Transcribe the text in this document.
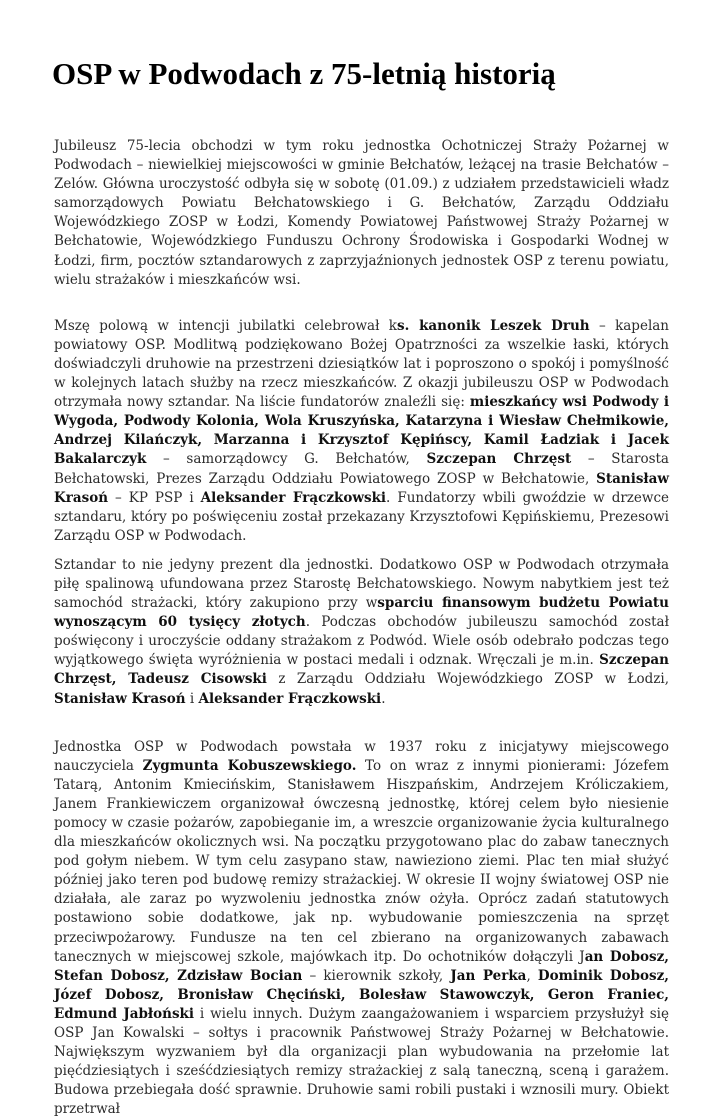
OSP w Podwodach z 75-letnią historią

Jubileusz 75-lecia obchodzi w tym roku jednostka Ochotniczej Straży Pożarnej w Podwodach – niewielkiej miejscowości w gminie Bełchatów, leżącej na trasie Bełchatów – Zelów. Główna uroczystość odbyła się w sobotę (01.09.) z udziałem przedstawicieli władz samorządowych Powiatu Bełchatowskiego i G. Bełchatów, Zarządu Oddziału Wojewódzkiego ZOSP w Łodzi, Komendy Powiatowej Państwowej Straży Pożarnej w Bełchatowie, Wojewódzkiego Funduszu Ochrony Środowiska i Gospodarki Wodnej w Łodzi, firm, pocztów sztandarowych z zaprzyjaźnionych jednostek OSP z terenu powiatu, wielu strażaków i mieszkańców wsi.

Mszę polową w intencji jubilatki celebrował ks. kanonik Leszek Druh – kapelan powiatowy OSP. Modlitwą podziękowano Bożej Opatrzności za wszelkie łaski, których doświadczyli druhowie na przestrzeni dziesiątków lat i poproszono o spokój i pomyślność w kolejnych latach służby na rzecz mieszkańców. Z okazji jubileuszu OSP w Podwodach otrzymała nowy sztandar. Na liście fundatorów znaleźli się: mieszkańcy wsi Podwody i Wygoda, Podwody Kolonia, Wola Kruszyńska, Katarzyna i Wiesław Chełmikowie, Andrzej Kilańczyk, Marzanna i Krzysztof Kępińscy, Kamil Ładziak i Jacek Bakalarczyk – samorządowcy G. Bełchatów, Szczepan Chrzęst – Starosta Bełchatowski, Prezes Zarządu Oddziału Powiatowego ZOSP w Bełchatowie, Stanisław Krasoń – KP PSP i Aleksander Frączkowski. Fundatorzy wbili gwoździe w drzewce sztandaru, który po poświęceniu został przekazany Krzysztofowi Kępińskiemu, Prezesowi Zarządu OSP w Podwodach.

Sztandar to nie jedyny prezent dla jednostki. Dodatkowo OSP w Podwodach otrzymała piłę spalinową ufundowana przez Starostę Bełchatowskiego. Nowym nabytkiem jest też samochód strażacki, który zakupiono przy wsparciu finansowym budżetu Powiatu wynoszącym 60 tysięcy złotych. Podczas obchodów jubileuszu samochód został poświęcony i uroczyście oddany strażakom z Podwód. Wiele osób odebrało podczas tego wyjątkowego święta wyróżnienia w postaci medali i odznak. Wręczali je m.in. Szczepan Chrzęst, Tadeusz Cisowski z Zarządu Oddziału Wojewódzkiego ZOSP w Łodzi, Stanisław Krasoń i Aleksander Frączkowski.

Jednostka OSP w Podwodach powstała w 1937 roku z inicjatywy miejscowego nauczyciela Zygmunta Kobuszewskiego. To on wraz z innymi pionierami: Józefem Tatarą, Antonim Kmiecińskim, Stanisławem Hiszpańskim, Andrzejem Króliczakiem, Janem Frankiewiczem organizował ówczesną jednostkę, której celem było niesienie pomocy w czasie pożarów, zapobieganie im, a wreszcie organizowanie życia kulturalnego dla mieszkańców okolicznych wsi. Na początku przygotowano plac do zabaw tanecznych pod gołym niebem. W tym celu zasypano staw, nawieziono ziemi. Plac ten miał służyć później jako teren pod budowę remizy strażackiej. W okresie II wojny światowej OSP nie działała, ale zaraz po wyzwoleniu jednostka znów ożyła. Oprócz zadań statutowych postawiono sobie dodatkowe, jak np. wybudowanie pomieszczenia na sprzęt przeciwpożarowy. Fundusze na ten cel zbierano na organizowanych zabawach tanecznych w miejscowej szkole, majówkach itp. Do ochotników dołączyli Jan Dobosz, Stefan Dobosz, Zdzisław Bocian – kierownik szkoły, Jan Perka, Dominik Dobosz, Józef Dobosz, Bronisław Chęciński, Bolesław Stawowczyk, Geron Franiec, Edmund Jabłoński i wielu innych. Dużym zaangażowaniem i wsparciem przysłużył się OSP Jan Kowalski – sołtys i pracownik Państwowej Straży Pożarnej w Bełchatowie. Największym wyzwaniem był dla organizacji plan wybudowania na przełomie lat pięćdziesiątych i sześćdziesiątych remizy strażackiej z salą taneczną, sceną i garażem. Budowa przebiegała dość sprawnie. Druhowie sami robili pustaki i wznosili mury. Obiekt przetrwał
